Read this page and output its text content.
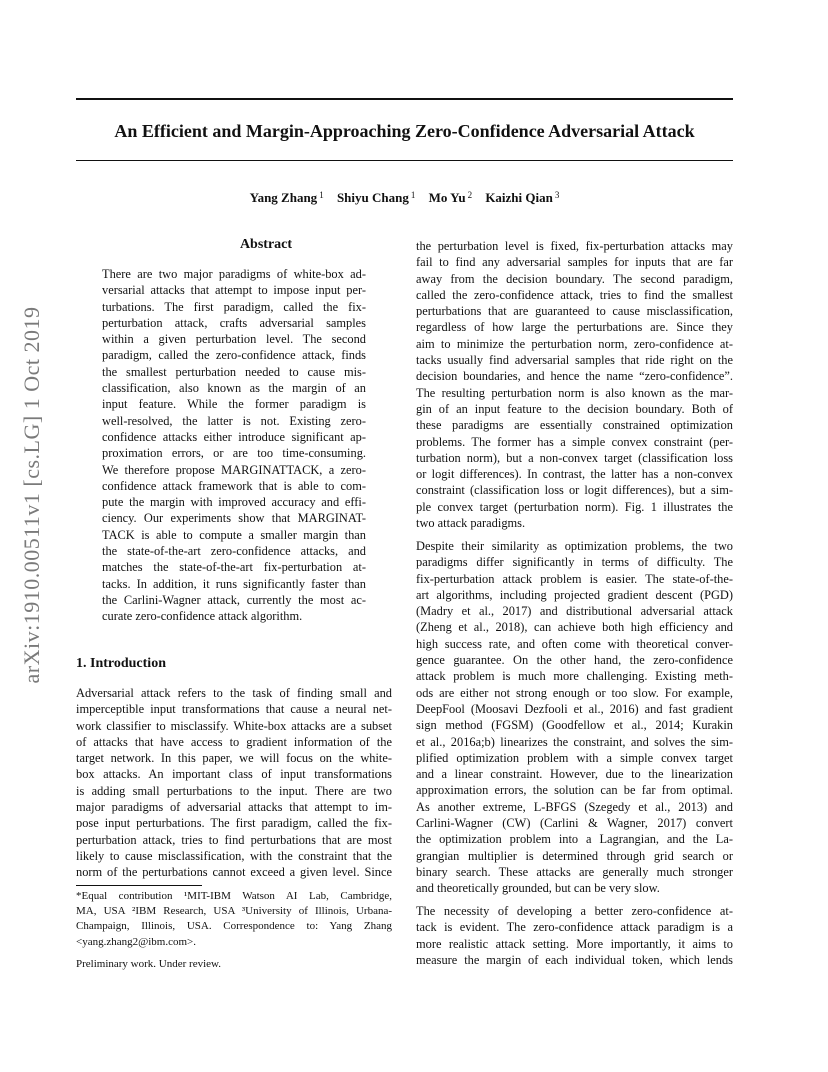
An Efficient and Margin-Approaching Zero-Confidence Adversarial Attack
Yang Zhang $^1$ Shiyu Chang $^1$ Mo Yu $^2$ Kaizhi Qian $^3$
arXiv:1910.00511v1 [cs.LG] 1 Oct 2019
Abstract
There are two major paradigms of white-box ad-
versarial attacks that attempt to impose input per-
turbations. The first paradigm, called the fix-
perturbation attack, crafts adversarial samples
within a given perturbation level. The second
paradigm, called the zero-confidence attack, finds
the smallest perturbation needed to cause mis-
classification, also known as the margin of an
input feature. While the former paradigm is
well-resolved, the latter is not. Existing zero-
confidence attacks either introduce significant ap-
proximation errors, or are too time-consuming.
We therefore propose MARGINATTACK, a zero-
confidence attack framework that is able to com-
pute the margin with improved accuracy and effi-
ciency. Our experiments show that MARGINAT-
TACK is able to compute a smaller margin than
the state-of-the-art zero-confidence attacks, and
matches the state-of-the-art fix-perturbation at-
tacks. In addition, it runs significantly faster than
the Carlini-Wagner attack, currently the most ac-
curate zero-confidence attack algorithm.
1. Introduction
Adversarial attack refers to the task of finding small and
imperceptible input transformations that cause a neural net-
work classifier to misclassify. White-box attacks are a subset
of attacks that have access to gradient information of the
target network. In this paper, we will focus on the white-
box attacks. An important class of input transformations
is adding small perturbations to the input. There are two
major paradigms of adversarial attacks that attempt to im-
pose input perturbations. The first paradigm, called the fix-
perturbation attack, tries to find perturbations that are most
likely to cause misclassification, with the constraint that the
norm of the perturbations cannot exceed a given level. Since
*Equal contribution ¹MIT-IBM Watson AI Lab, Cambridge,
MA, USA ²IBM Research, USA ³University of Illinois, Urbana-
Champaign, Illinois, USA. Correspondence to: Yang Zhang
<yang.zhang2@ibm.com>.
Preliminary work. Under review.
the perturbation level is fixed, fix-perturbation attacks may
fail to find any adversarial samples for inputs that are far
away from the decision boundary. The second paradigm,
called the zero-confidence attack, tries to find the smallest
perturbations that are guaranteed to cause misclassification,
regardless of how large the perturbations are. Since they
aim to minimize the perturbation norm, zero-confidence at-
tacks usually find adversarial samples that ride right on the
decision boundaries, and hence the name “zero-confidence”.
The resulting perturbation norm is also known as the mar-
gin of an input feature to the decision boundary. Both of
these paradigms are essentially constrained optimization
problems. The former has a simple convex constraint (per-
turbation norm), but a non-convex target (classification loss
or logit differences). In contrast, the latter has a non-convex
constraint (classification loss or logit differences), but a sim-
ple convex target (perturbation norm). Fig. 1 illustrates the
two attack paradigms.
Despite their similarity as optimization problems, the two
paradigms differ significantly in terms of difficulty. The
fix-perturbation attack problem is easier. The state-of-the-
art algorithms, including projected gradient descent (PGD)
(Madry et al., 2017) and distributional adversarial attack
(Zheng et al., 2018), can achieve both high efficiency and
high success rate, and often come with theoretical conver-
gence guarantee. On the other hand, the zero-confidence
attack problem is much more challenging. Existing meth-
ods are either not strong enough or too slow. For example,
DeepFool (Moosavi Dezfooli et al., 2016) and fast gradient
sign method (FGSM) (Goodfellow et al., 2014; Kurakin
et al., 2016a;b) linearizes the constraint, and solves the sim-
plified optimization problem with a simple convex target
and a linear constraint. However, due to the linearization
approximation errors, the solution can be far from optimal.
As another extreme, L-BFGS (Szegedy et al., 2013) and
Carlini-Wagner (CW) (Carlini & Wagner, 2017) convert
the optimization problem into a Lagrangian, and the La-
grangian multiplier is determined through grid search or
binary search. These attacks are generally much stronger
and theoretically grounded, but can be very slow.
The necessity of developing a better zero-confidence at-
tack is evident. The zero-confidence attack paradigm is a
more realistic attack setting. More importantly, it aims to
measure the margin of each individual token, which lends
